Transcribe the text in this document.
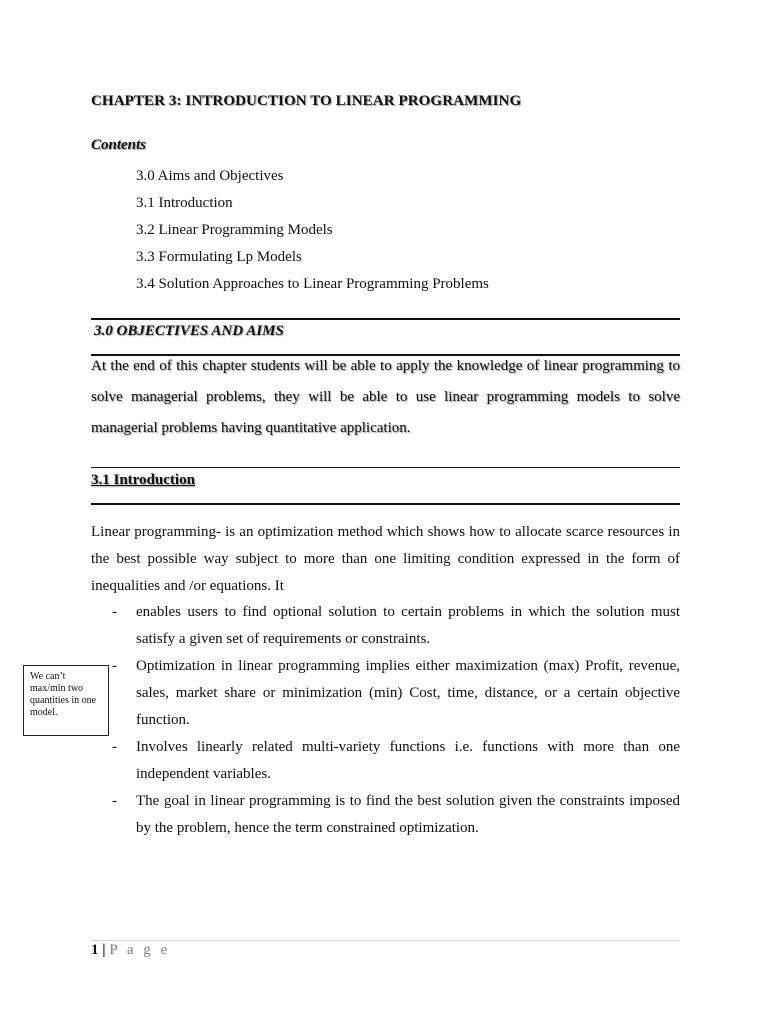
CHAPTER 3: INTRODUCTION TO LINEAR PROGRAMMING
Contents
3.0 Aims and Objectives
3.1 Introduction
3.2 Linear Programming Models
3.3 Formulating Lp Models
3.4 Solution Approaches to Linear Programming Problems
3.0 OBJECTIVES AND AIMS
At the end of this chapter students will be able to apply the knowledge of linear programming to solve managerial problems, they will be able to use linear programming models to solve managerial problems having quantitative application.
3.1 Introduction
Linear programming- is an optimization method which shows how to allocate scarce resources in the best possible way subject to more than one limiting condition expressed in the form of inequalities and /or equations. It
- enables users to find optional solution to certain problems in which the solution must satisfy a given set of requirements or constraints.
- Optimization in linear programming implies either maximization (max) Profit, revenue, sales, market share or minimization (min) Cost, time, distance, or a certain objective function.
- Involves linearly related multi-variety functions i.e. functions with more than one independent variables.
- The goal in linear programming is to find the best solution given the constraints imposed by the problem, hence the term constrained optimization.
We can’t max/min two quantities in one model.
1 | P a g e
